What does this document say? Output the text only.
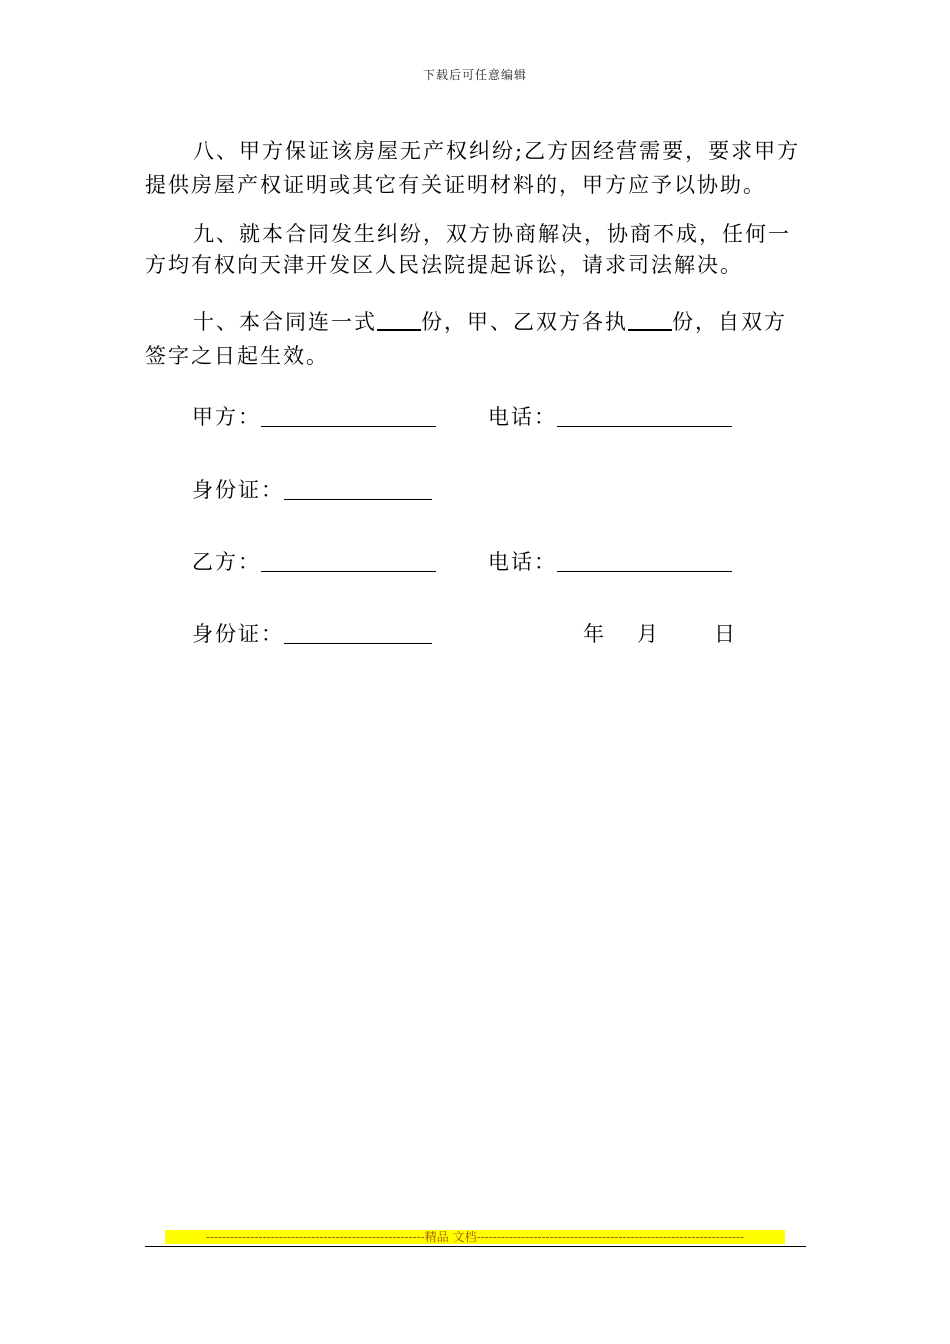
下载后可任意编辑

八、甲方保证该房屋无产权纠纷;乙方因经营需要，要求甲方提供房屋产权证明或其它有关证明材料的，甲方应予以协助。

九、就本合同发生纠纷，双方协商解决，协商不成，任何一方均有权向天津开发区人民法院提起诉讼，请求司法解决。

十、本合同连一式 份，甲、乙双方各执 份，自双方签字之日起生效。

甲方：	电话：
身份证：
乙方：	电话：
身份证：	年 月	日
------------------------------------------------------精品 文档------------------------------------------------------------------
